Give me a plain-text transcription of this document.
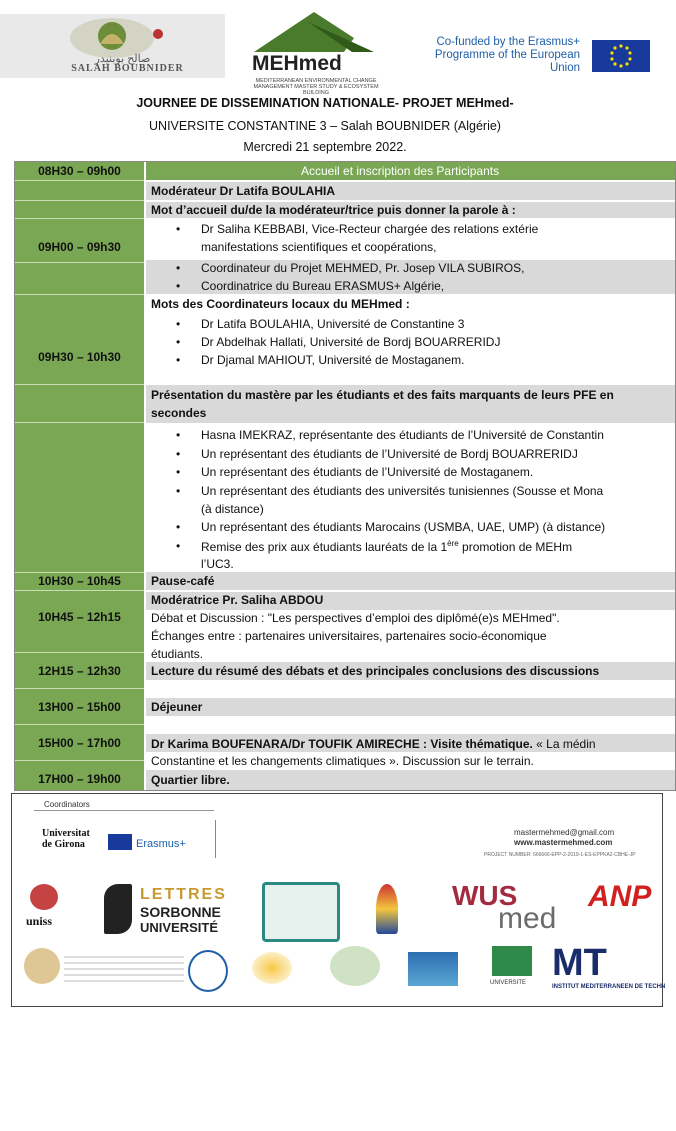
صالح بوبنيدر
SALAH BOUBNIDER	MEHmed
MEDITERRANEAN ENVIRONMENTAL CHANGE MANAGEMENT MASTER STUDY & ECOSYSTEM BUILDING
Co-funded by the Erasmus+ Programme of the European Union
JOURNEE DE DISSEMINATION NATIONALE- PROJET MEHmed-
UNIVERSITE CONSTANTINE 3 – Salah BOUBNIDER (Algérie)
Mercredi 21 septembre 2022.
08H30 – 09h00
09H00 – 09h30
09H30 – 10h30
10H30 – 10h45
10H45 – 12h15
12H15 – 12h30
13H00 – 15h00
15H00 – 17h00
17H00 – 19h00
Accueil et inscription des Participants
Modérateur Dr Latifa BOULAHIA
Mot d’accueil du/de la modérateur/trice puis donner la parole à :
• Dr Saliha KEBBABI, Vice-Recteur chargée des relations extérie
manifestations scientifiques et coopérations,
• Coordinateur du Projet MEHMED, Pr. Josep VILA SUBIROS,
• Coordinatrice du Bureau ERASMUS+ Algérie,
Mots des Coordinateurs locaux du MEHmed :
• Dr Latifa BOULAHIA, Université de Constantine 3
• Dr Abdelhak Hallati, Université de Bordj BOUARRERIDJ
• Dr Djamal MAHIOUT, Université de Mostaganem.
Présentation du mastère par les étudiants et des faits marquants de leurs PFE en
secondes
• Hasna IMEKRAZ, représentante des étudiants de l’Université de Constantin
• Un représentant des étudiants de l’Université de Bordj BOUARRERIDJ
• Un représentant des étudiants de l’Université de Mostaganem.
• Un représentant des étudiants des universités tunisiennes (Sousse et Mona
(à distance)
• Un représentant des étudiants Marocains (USMBA, UAE, UMP) (à distance)
• Remise des prix aux étudiants lauréats de la 1ère promotion de MEHm
l’UC3.
Pause-café
Modératrice Pr. Saliha ABDOU
Débat et Discussion : "Les perspectives d’emploi des diplômé(e)s MEHmed".
Échanges entre : partenaires universitaires, partenaires socio-économique
étudiants.
Lecture du résumé des débats et des principales conclusions des discussions
Déjeuner
Dr Karima BOUFENARA/Dr TOUFIK AMIRECHE : Visite thématique. « La médin
Constantine et les changements climatiques ». Discussion sur le terrain.
Quartier libre.
Coordinators
Universitat de Girona	Erasmus+
mastermehmed@gmail.com
www.mastermehmed.com
PROJECT NUMBER: 666666-EPP-2-2019-1-ES-EPPKA2-CBHE-JP
uniss
LETTRES
SORBONNE
UNIVERSITÉ
WUS
med
ANP
UNIVERSITE MT
INSTITUT MEDITERRANEEN DE TECHN
